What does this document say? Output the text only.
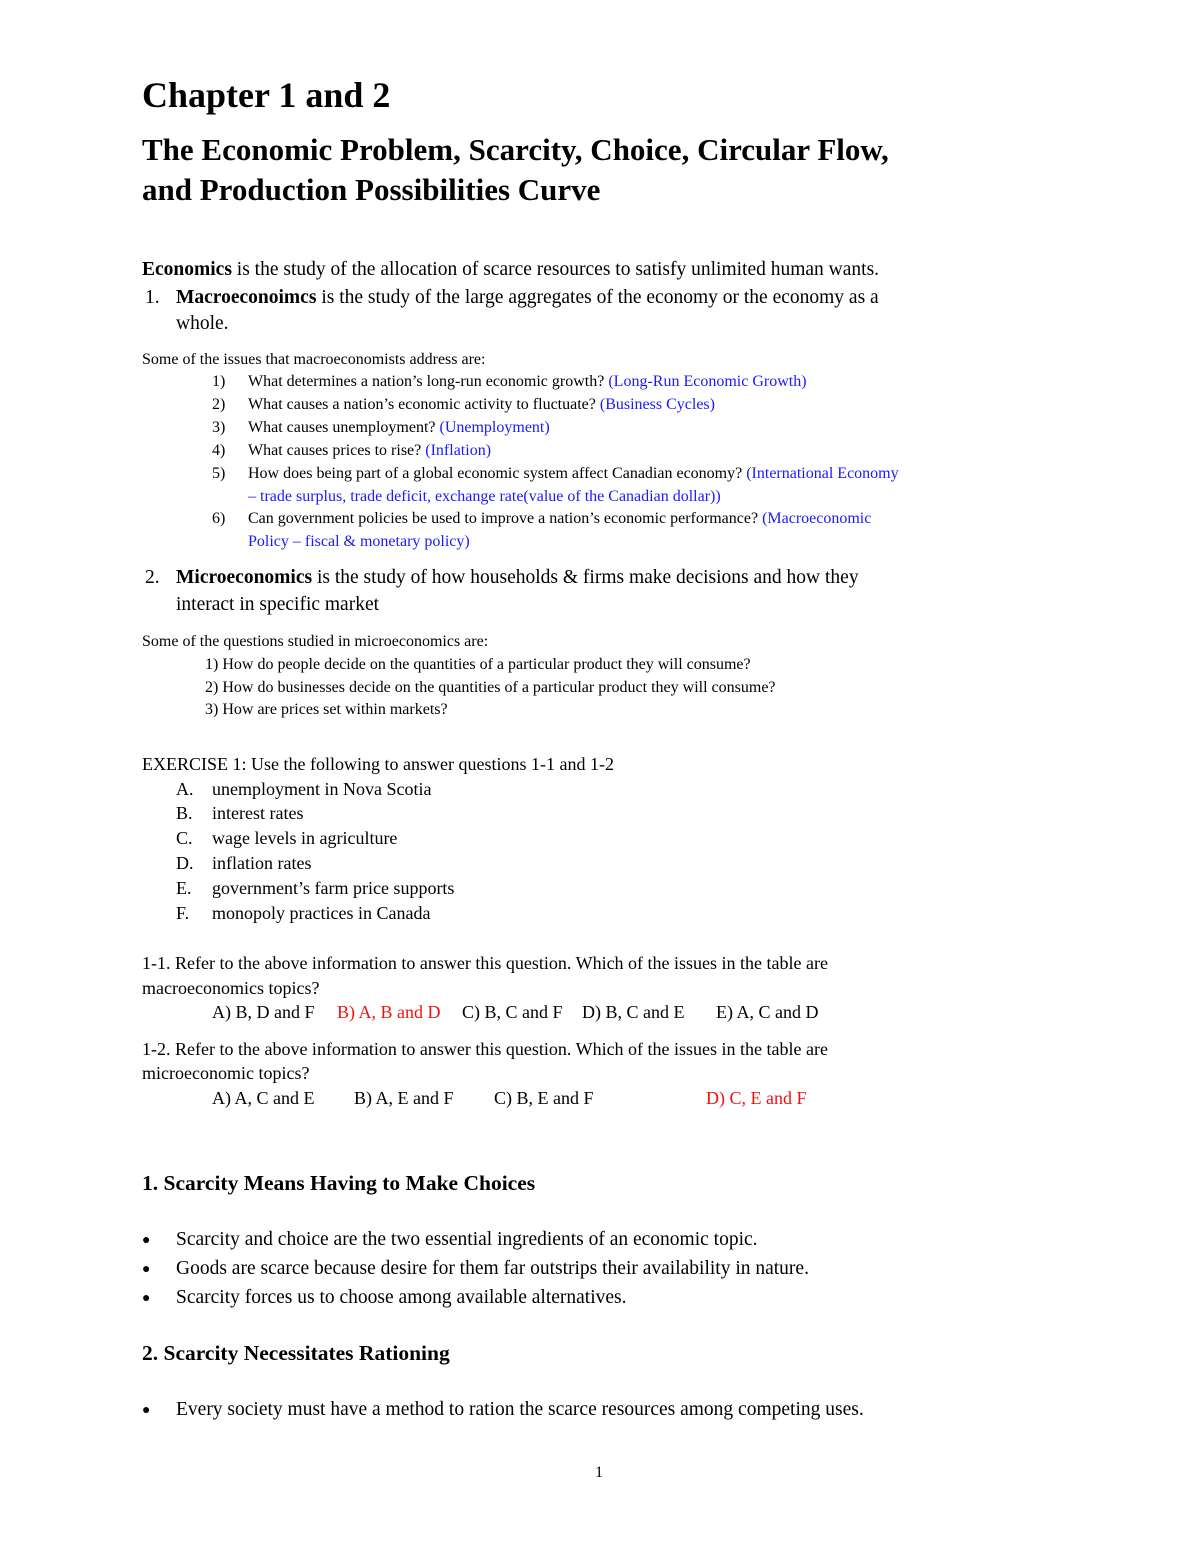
Chapter 1 and 2
The Economic Problem, Scarcity, Choice, Circular Flow,
and Production Possibilities Curve
Economics is the study of the allocation of scarce resources to satisfy unlimited human wants.
1. Macroeconoimcs is the study of the large aggregates of the economy or the economy as a
whole.
Some of the issues that macroeconomists address are:
1) What determines a nation’s long-run economic growth? (Long-Run Economic Growth)
2) What causes a nation’s economic activity to fluctuate? (Business Cycles)
3) What causes unemployment? (Unemployment)
4) What causes prices to rise? (Inflation)
5) How does being part of a global economic system affect Canadian economy? (International Economy
– trade surplus, trade deficit, exchange rate(value of the Canadian dollar))
6) Can government policies be used to improve a nation’s economic performance? (Macroeconomic
Policy – fiscal & monetary policy)
2. Microeconomics is the study of how households & firms make decisions and how they
interact in specific market
Some of the questions studied in microeconomics are:
1) How do people decide on the quantities of a particular product they will consume?
2) How do businesses decide on the quantities of a particular product they will consume?
3) How are prices set within markets?
EXERCISE 1: Use the following to answer questions 1-1 and 1-2
A. unemployment in Nova Scotia
B. interest rates
C. wage levels in agriculture
D. inflation rates
E. government’s farm price supports
F. monopoly practices in Canada
1-1. Refer to the above information to answer this question. Which of the issues in the table are
macroeconomics topics?
A) B, D and F B) A, B and D C) B, C and F D) B, C and E E) A, C and D
1-2. Refer to the above information to answer this question. Which of the issues in the table are
microeconomic topics?
A) A, C and E B) A, E and F C) B, E and F	D) C, E and F
1. Scarcity Means Having to Make Choices
● Scarcity and choice are the two essential ingredients of an economic topic.
● Goods are scarce because desire for them far outstrips their availability in nature.
● Scarcity forces us to choose among available alternatives.
2. Scarcity Necessitates Rationing
● Every society must have a method to ration the scarce resources among competing uses.
1
